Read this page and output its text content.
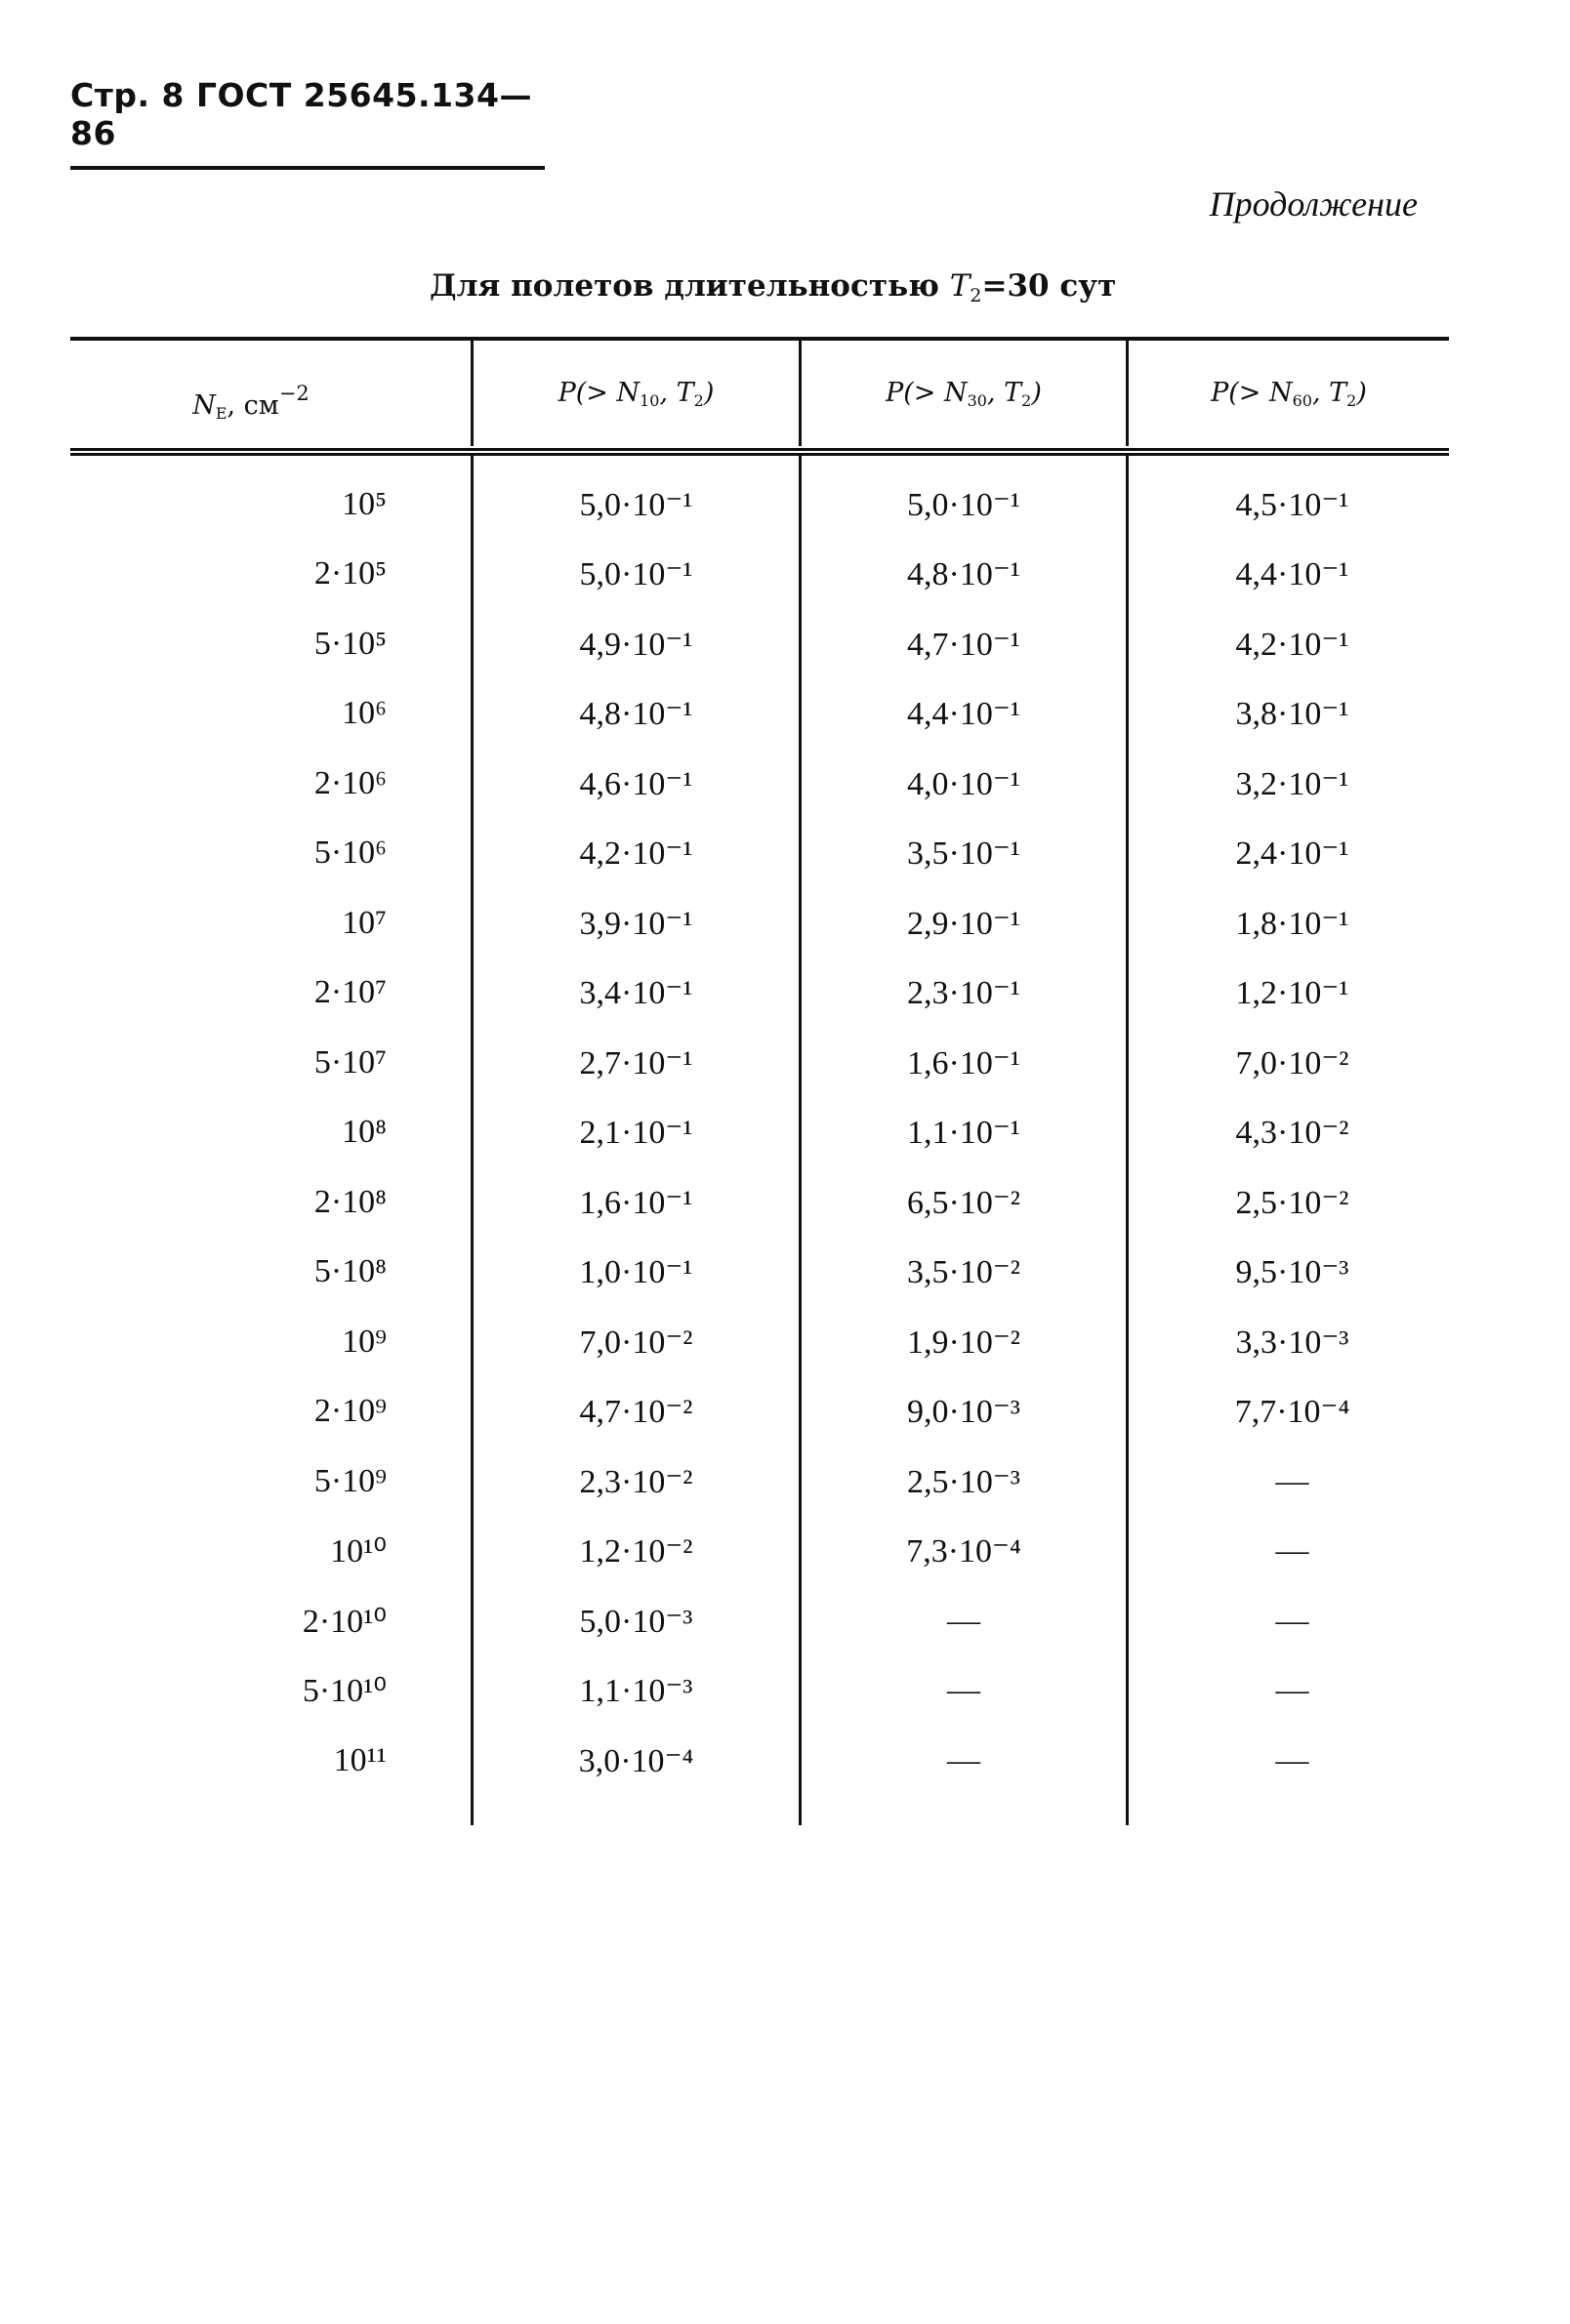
Стр. 8 ГОСТ 25645.134—86
Продолжение
Для полетов длительностью T2=30 сут
NE, $см^{-2}$	P(> N10, T2)	P(> N30, T2)	P(> N60, T2)
10⁵	5,0·10⁻¹	5,0·10⁻¹	4,5·10⁻¹
2·10⁵	5,0·10⁻¹	4,8·10⁻¹	4,4·10⁻¹
5·10⁵	4,9·10⁻¹	4,7·10⁻¹	4,2·10⁻¹
10⁶	4,8·10⁻¹	4,4·10⁻¹	3,8·10⁻¹
2·10⁶	4,6·10⁻¹	4,0·10⁻¹	3,2·10⁻¹
5·10⁶	4,2·10⁻¹	3,5·10⁻¹	2,4·10⁻¹
10⁷	3,9·10⁻¹	2,9·10⁻¹	1,8·10⁻¹
2·10⁷	3,4·10⁻¹	2,3·10⁻¹	1,2·10⁻¹
5·10⁷	2,7·10⁻¹	1,6·10⁻¹	7,0·10⁻²
10⁸	2,1·10⁻¹	1,1·10⁻¹	4,3·10⁻²
2·10⁸	1,6·10⁻¹	6,5·10⁻²	2,5·10⁻²
5·10⁸	1,0·10⁻¹	3,5·10⁻²	9,5·10⁻³
10⁹	7,0·10⁻²	1,9·10⁻²	3,3·10⁻³
2·10⁹	4,7·10⁻²	9,0·10⁻³	7,7·10⁻⁴
5·10⁹	2,3·10⁻²	2,5·10⁻³	—
10¹⁰	1,2·10⁻²	7,3·10⁻⁴	—
2·10¹⁰	5,0·10⁻³	—	—
5·10¹⁰	1,1·10⁻³	—	—
10¹¹	3,0·10⁻⁴	—	—
